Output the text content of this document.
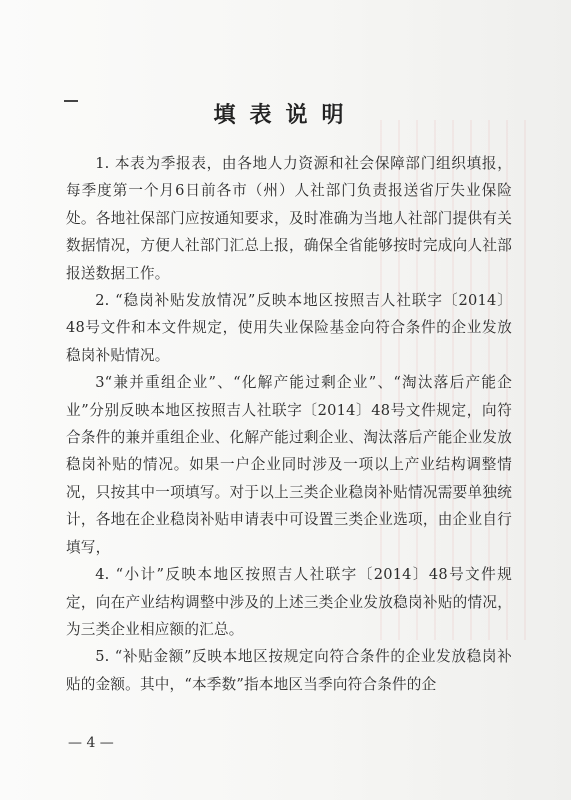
填表说明

1. 本表为季报表，由各地人力资源和社会保障部门组织填报，每季度第一个月6日前各市（州）人社部门负责报送省厅失业保险处。各地社保部门应按通知要求，及时准确为当地人社部门提供有关数据情况，方便人社部门汇总上报，确保全省能够按时完成向人社部报送数据工作。

2. “稳岗补贴发放情况”反映本地区按照吉人社联字〔2014〕48号文件和本文件规定，使用失业保险基金向符合条件的企业发放稳岗补贴情况。

3“兼并重组企业”、“化解产能过剩企业”、“淘汰落后产能企业”分别反映本地区按照吉人社联字〔2014〕48号文件规定，向符合条件的兼并重组企业、化解产能过剩企业、淘汰落后产能企业发放稳岗补贴的情况。如果一户企业同时涉及一项以上产业结构调整情况，只按其中一项填写。对于以上三类企业稳岗补贴情况需要单独统计，各地在企业稳岗补贴申请表中可设置三类企业选项，由企业自行填写，

4. “小计”反映本地区按照吉人社联字〔2014〕48号文件规定，向在产业结构调整中涉及的上述三类企业发放稳岗补贴的情况，为三类企业相应额的汇总。

5. “补贴金额”反映本地区按规定向符合条件的企业发放稳岗补贴的金额。其中，“本季数”指本地区当季向符合条件的企

— 4 —
